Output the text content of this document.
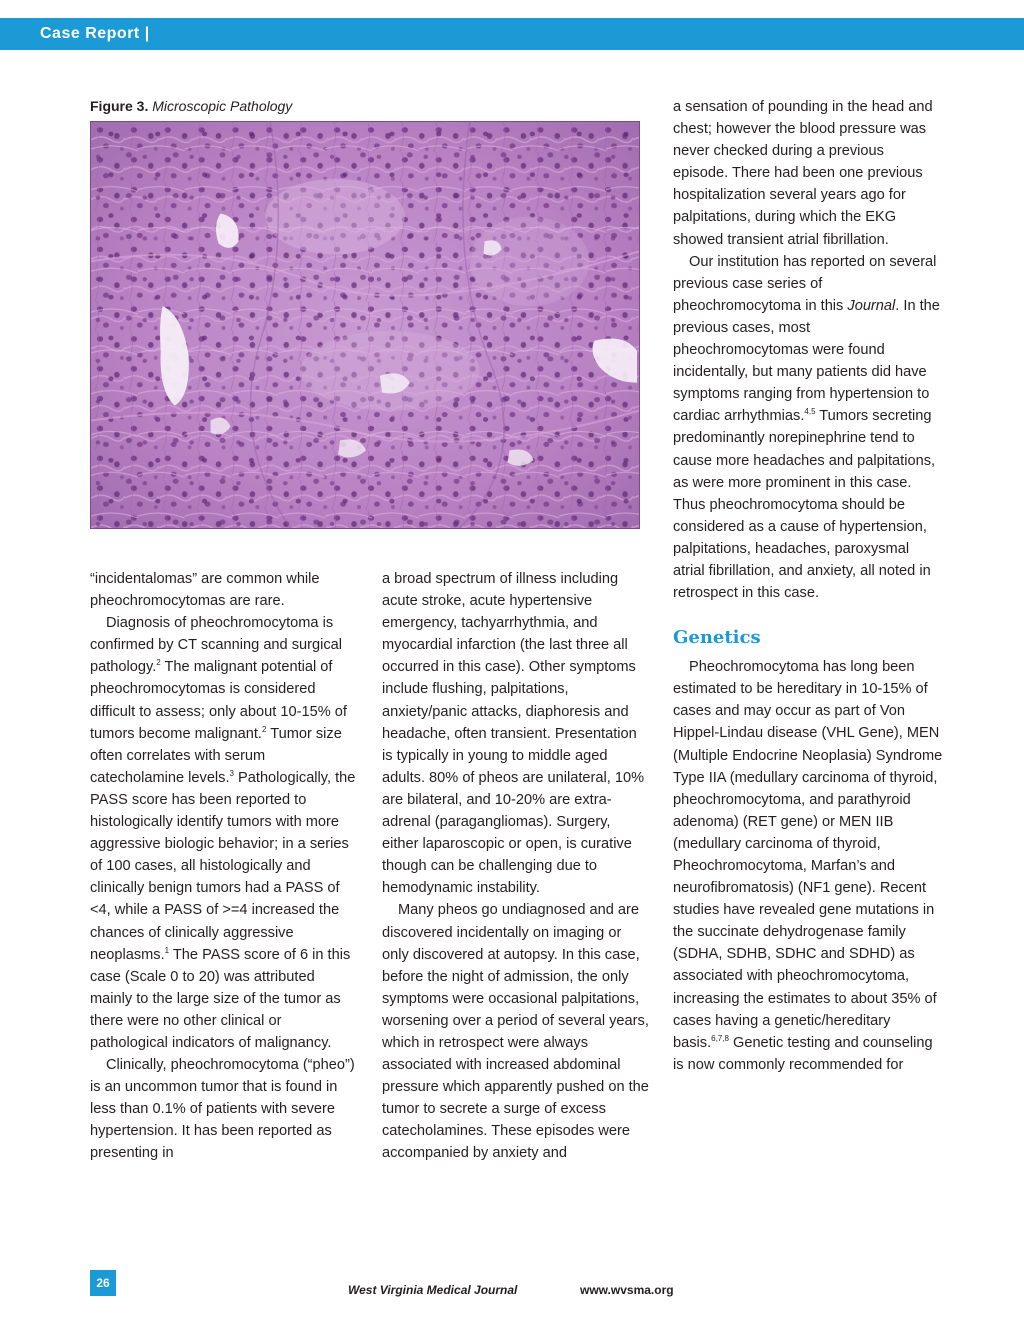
Case Report |
Figure 3. Microscopic Pathology

“incidentalomas” are common while pheochromocytomas are rare.

Diagnosis of pheochromocytoma is confirmed by CT scanning and surgical pathology.$^2$ The malignant potential of pheochromocytomas is considered difficult to assess; only about 10-15% of tumors become malignant.$^2$ Tumor size often correlates with serum catecholamine levels.$^3$ Pathologically, the PASS score has been reported to histologically identify tumors with more aggressive biologic behavior; in a series of 100 cases, all histologically and clinically benign tumors had a PASS of <4, while a PASS of >=4 increased the chances of clinically aggressive neoplasms.$^1$ The PASS score of 6 in this case (Scale 0 to 20) was attributed mainly to the large size of the tumor as there were no other clinical or pathological indicators of malignancy.

Clinically, pheochromocytoma (“pheo”) is an uncommon tumor that is found in less than 0.1% of patients with severe hypertension. It has been reported as presenting in

a broad spectrum of illness including acute stroke, acute hypertensive emergency, tachyarrhythmia, and myocardial infarction (the last three all occurred in this case). Other symptoms include flushing, palpitations, anxiety/panic attacks, diaphoresis and headache, often transient. Presentation is typically in young to middle aged adults. 80% of pheos are unilateral, 10% are bilateral, and 10-20% are extra-adrenal (paragangliomas). Surgery, either laparoscopic or open, is curative though can be challenging due to hemodynamic instability.

Many pheos go undiagnosed and are discovered incidentally on imaging or only discovered at autopsy. In this case, before the night of admission, the only symptoms were occasional palpitations, worsening over a period of several years, which in retrospect were always associated with increased abdominal pressure which apparently pushed on the tumor to secrete a surge of excess catecholamines. These episodes were accompanied by anxiety and

a sensation of pounding in the head and chest; however the blood pressure was never checked during a previous episode. There had been one previous hospitalization several years ago for palpitations, during which the EKG showed transient atrial fibrillation.

Our institution has reported on several previous case series of pheochromocytoma in this Journal. In the previous cases, most pheochromocytomas were found incidentally, but many patients did have symptoms ranging from hypertension to cardiac arrhythmias.$^{4,5}$ Tumors secreting predominantly norepinephrine tend to cause more headaches and palpitations, as were more prominent in this case. Thus pheochromocytoma should be considered as a cause of hypertension, palpitations, headaches, paroxysmal atrial fibrillation, and anxiety, all noted in retrospect in this case.

Genetics

Pheochromocytoma has long been estimated to be hereditary in 10-15% of cases and may occur as part of Von Hippel-Lindau disease (VHL Gene), MEN (Multiple Endocrine Neoplasia) Syndrome Type IIA (medullary carcinoma of thyroid, pheochromocytoma, and parathyroid adenoma) (RET gene) or MEN IIB (medullary carcinoma of thyroid, Pheochromocytoma, Marfan’s and neurofibromatosis) (NF1 gene). Recent studies have revealed gene mutations in the succinate dehydrogenase family (SDHA, SDHB, SDHC and SDHD) as associated with pheochromocytoma, increasing the estimates to about 35% of cases having a genetic/hereditary basis.$^{6,7,8}$ Genetic testing and counseling is now commonly recommended for

26	West Virginia Medical Journal	www.wvsma.org
